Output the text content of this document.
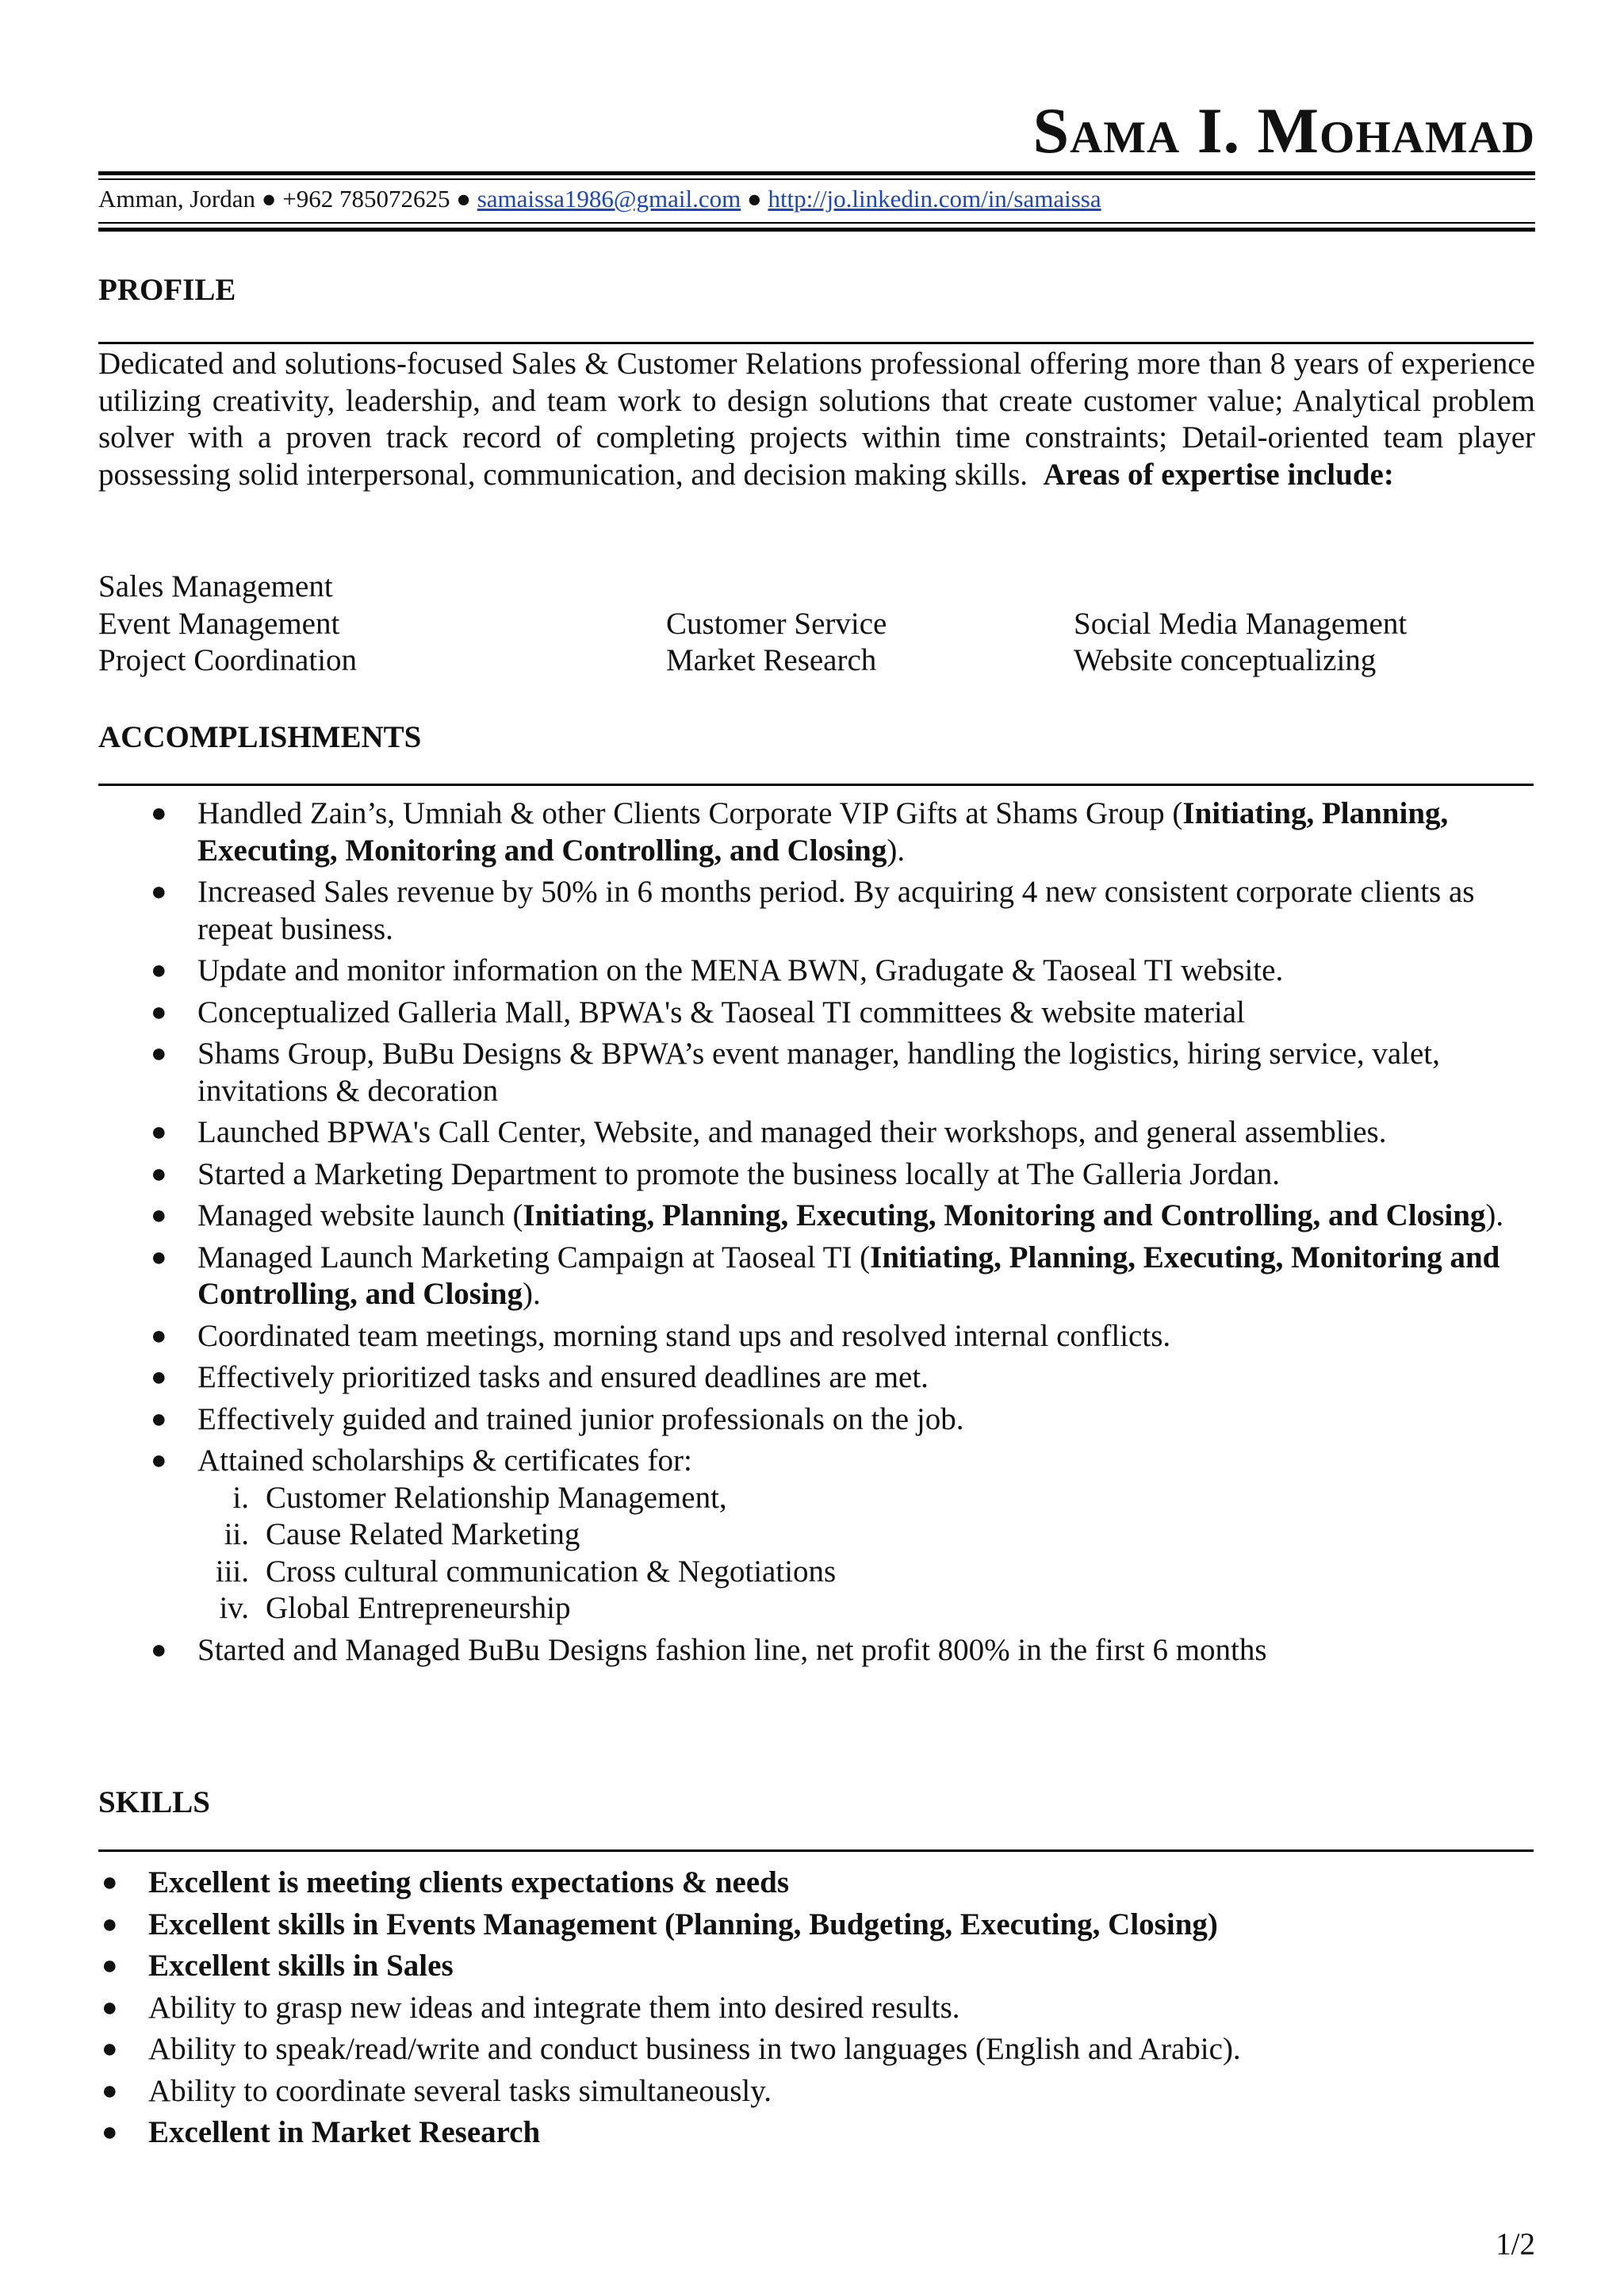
Sama I. Mohamad
Amman, Jordan ● +962 785072625 ● samaissa1986@gmail.com ● http://jo.linkedin.com/in/samaissa
PROFILE
Dedicated and solutions-focused Sales & Customer Relations professional offering more than 8 years of experience utilizing creativity, leadership, and team work to design solutions that create customer value; Analytical problem solver with a proven track record of completing projects within time constraints; Detail-oriented team player possessing solid interpersonal, communication, and decision making skills. Areas of expertise include:
Sales Management
Event Management	Customer Service	Social Media Management
Project Coordination	Market Research	Website conceptualizing
ACCOMPLISHMENTS
● Handled Zain’s, Umniah & other Clients Corporate VIP Gifts at Shams Group (Initiating, Planning, Executing, Monitoring and Controlling, and Closing).
● Increased Sales revenue by 50% in 6 months period. By acquiring 4 new consistent corporate clients as repeat business.
● Update and monitor information on the MENA BWN, Gradugate & Taoseal TI website.
● Conceptualized Galleria Mall, BPWA's & Taoseal TI committees & website material
● Shams Group, BuBu Designs & BPWA’s event manager, handling the logistics, hiring service, valet, invitations & decoration
● Launched BPWA's Call Center, Website, and managed their workshops, and general assemblies.
● Started a Marketing Department to promote the business locally at The Galleria Jordan.
● Managed website launch (Initiating, Planning, Executing, Monitoring and Controlling, and Closing).
● Managed Launch Marketing Campaign at Taoseal TI (Initiating, Planning, Executing, Monitoring and Controlling, and Closing).
● Coordinated team meetings, morning stand ups and resolved internal conflicts.
● Effectively prioritized tasks and ensured deadlines are met.
● Effectively guided and trained junior professionals on the job.
● Attained scholarships & certificates for:
i. Customer Relationship Management,
ii. Cause Related Marketing
iii. Cross cultural communication & Negotiations
iv. Global Entrepreneurship
● Started and Managed BuBu Designs fashion line, net profit 800% in the first 6 months
SKILLS
● Excellent is meeting clients expectations & needs
● Excellent skills in Events Management (Planning, Budgeting, Executing, Closing)
● Excellent skills in Sales
● Ability to grasp new ideas and integrate them into desired results.
● Ability to speak/read/write and conduct business in two languages (English and Arabic).
● Ability to coordinate several tasks simultaneously.
● Excellent in Market Research
1/2
